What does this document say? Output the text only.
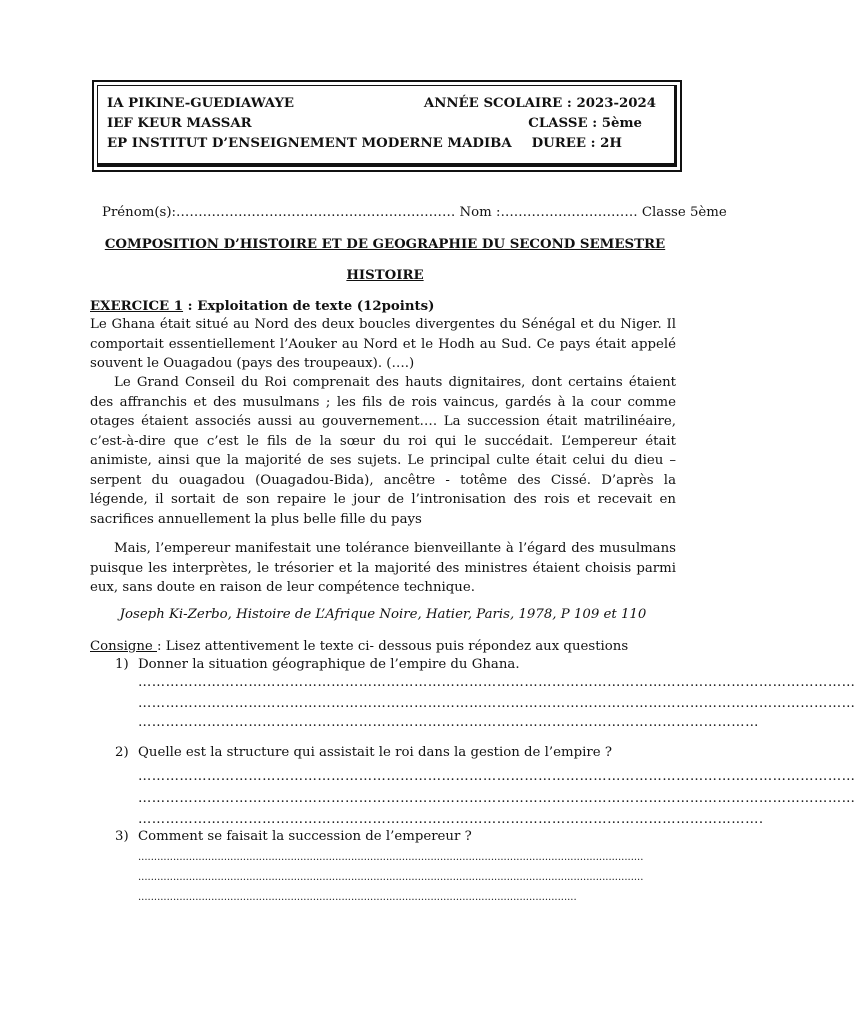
IA PIKINE-GUEDIAWAYE	ANNÉE SCOLAIRE : 2023-2024
IEF KEUR MASSAR	CLASSE : 5ème
EP INSTITUT D’ENSEIGNEMENT MODERNE MADIBA DUREE : 2H
Prénom(s):……………………………………………………… Nom :……………….………… Classe 5ème
COMPOSITION D’HISTOIRE ET DE GEOGRAPHIE DU SECOND SEMESTRE
HISTOIRE
EXERCICE 1 : Exploitation de texte (12points)

Le Ghana était situé au Nord des deux boucles divergentes du Sénégal et du Niger. Il comportait essentiellement l’Aouker au Nord et le Hodh au Sud. Ce pays était appelé souvent le Ouagadou (pays des troupeaux). (….)

Le Grand Conseil du Roi comprenait des hauts dignitaires, dont certains étaient des affranchis et des musulmans ; les fils de rois vaincus, gardés à la cour comme otages étaient associés aussi au gouvernement…. La succession était matrilinéaire, c’est-à-dire que c’est le fils de la sœur du roi qui le succédait. L’empereur était animiste, ainsi que la majorité de ses sujets. Le principal culte était celui du dieu – serpent du ouagadou (Ouagadou-Bida), ancêtre - totême des Cissé. D’après la légende, il sortait de son repaire le jour de l’intronisation des rois et recevait en sacrifices annuellement la plus belle fille du pays

Mais, l’empereur manifestait une tolérance bienveillante à l’égard des musulmans puisque les interprètes, le trésorier et la majorité des ministres étaient choisis parmi eux, sans doute en raison de leur compétence technique.

Joseph Ki-Zerbo, Histoire de L’Afrique Noire, Hatier, Paris, 1978, P 109 et 110
Consigne : Lisez attentivement le texte ci- dessous puis répondez aux questions
1) Donner la situation géographique de l’empire du Ghana.
…………………………………………………………………………………………………………………………………………
…………………………………………………………………………………………………………………………………………
………………………………………………………………………………………………………………………
2) Quelle est la structure qui assistait le roi dans la gestion de l’empire ?
…………………………………………………………………………………………………………………………………………
…………………………………………………………………………………………………………………………………………
……………………………………………………………………………………………………………………….
3) Comment se faisait la succession de l’empereur ?
...............................................................................................................................................................
...............................................................................................................................................................
..........................................................................................................................................
